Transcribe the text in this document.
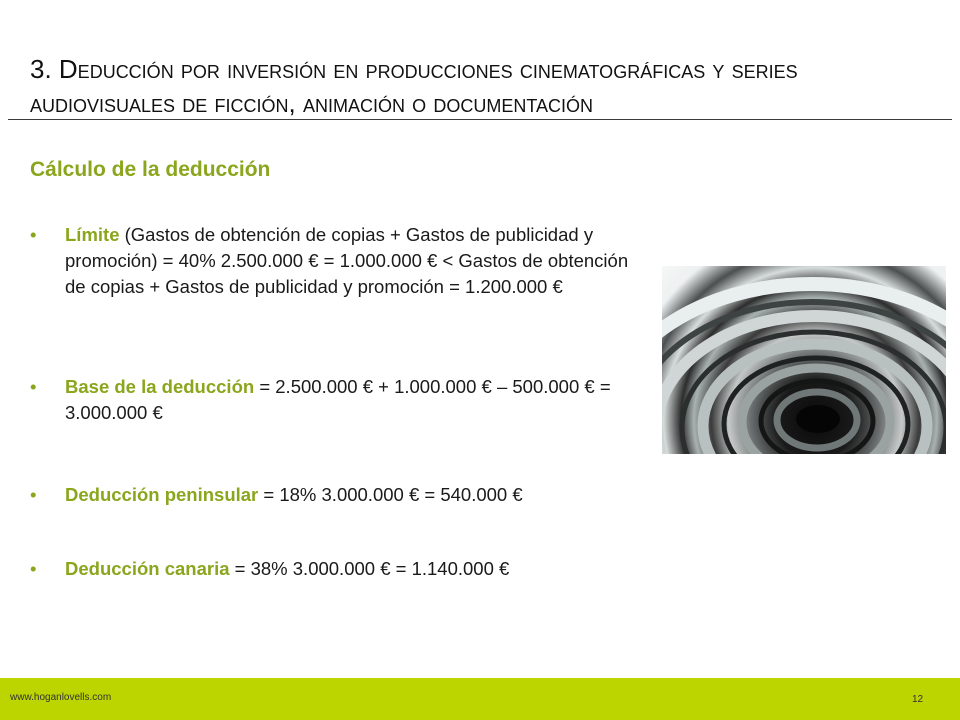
3. Deducción por inversión en producciones cinematográficas y series audiovisuales de ficción, animación o documentación
Cálculo de la deducción
• Límite (Gastos de obtención de copias + Gastos de publicidad y promoción) = 40% 2.500.000 € = 1.000.000 € < Gastos de obtención de copias + Gastos de publicidad y promoción = 1.200.000 €
• Base de la deducción = 2.500.000 € + 1.000.000 € – 500.000 € = 3.000.000 €
• Deducción peninsular = 18% 3.000.000 € = 540.000 €
• Deducción canaria = 38% 3.000.000 € = 1.140.000 €
www.hoganlovells.com	12
